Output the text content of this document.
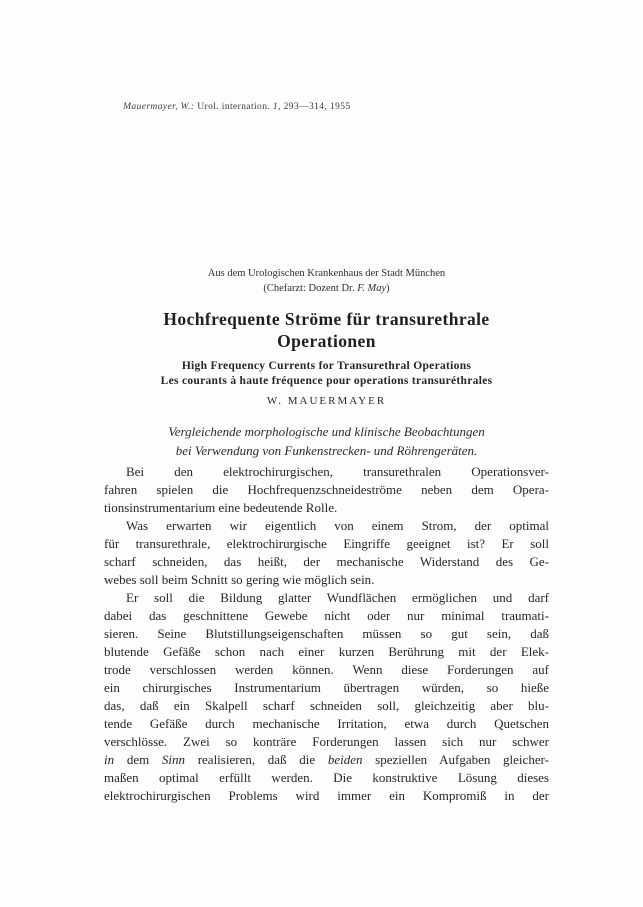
Mauermayer, W.: Urol. internation. 1, 293—314, 1955

Aus dem Urologischen Krankenhaus der Stadt München
(Chefarzt: Dozent Dr. F. May)
Hochfrequente Ströme für transurethrale
Operationen
High Frequency Currents for Transurethral Operations
Les courants à haute fréquence pour operations transuréthrales
W. MAUERMAYER
Vergleichende morphologische und klinische Beobachtungen
bei Verwendung von Funkenstrecken- und Röhrengeräten.
Bei den elektrochirurgischen, transurethralen Operationsver-
fahren spielen die Hochfrequenzschneideströme neben dem Opera-
tionsinstrumentarium eine bedeutende Rolle.
Was erwarten wir eigentlich von einem Strom, der optimal
für transurethrale, elektrochirurgische Eingriffe geeignet ist? Er soll
scharf schneiden, das heißt, der mechanische Widerstand des Ge-
webes soll beim Schnitt so gering wie möglich sein.
Er soll die Bildung glatter Wundflächen ermöglichen und darf
dabei das geschnittene Gewebe nicht oder nur minimal traumati-
sieren. Seine Blutstillungseigenschaften müssen so gut sein, daß
blutende Gefäße schon nach einer kurzen Berührung mit der Elek-
trode verschlossen werden können. Wenn diese Forderungen auf
ein chirurgisches Instrumentarium übertragen würden, so hieße
das, daß ein Skalpell scharf schneiden soll, gleichzeitig aber blu-
tende Gefäße durch mechanische Irritation, etwa durch Quetschen
verschlösse. Zwei so konträre Forderungen lassen sich nur schwer
in dem Sinn realisieren, daß die beiden speziellen Aufgaben gleicher-
maßen optimal erfüllt werden. Die konstruktive Lösung dieses
elektrochirurgischen Problems wird immer ein Kompromiß in der
